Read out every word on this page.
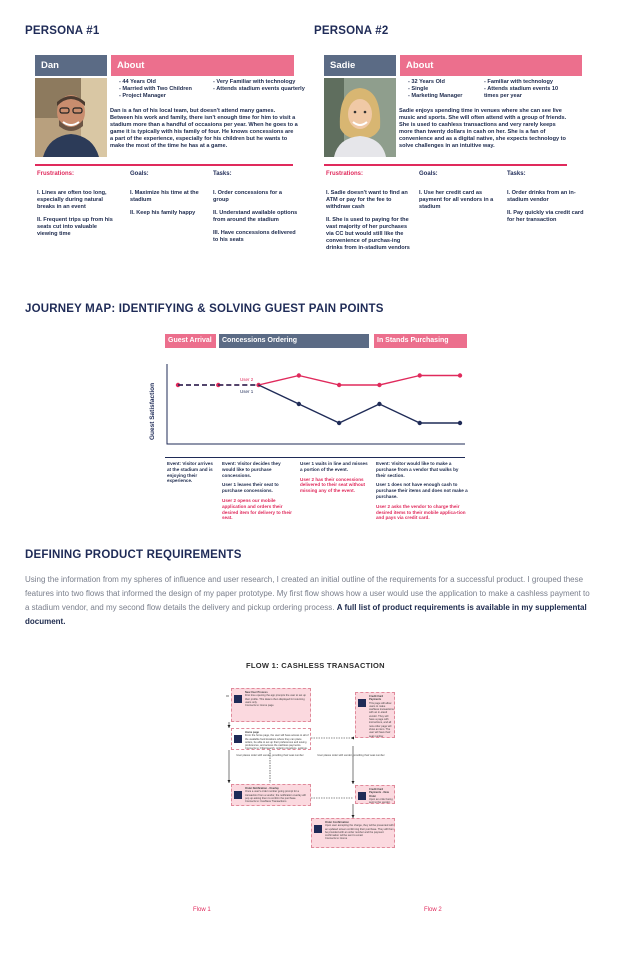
PERSONA #1
Dan	About
- 44 Years Old
- Married with Two Children
- Project Manager
- Very Familiar with technology
- Attends stadium events quarterly
Dan is a fan of his local team, but doesn't attend many games. Between his work and family, there isn't enough time for him to visit a stadium more than a handful of occasions per year. When he goes to a game it is typically with his family of four. He knows concessions are a part of the experience, especially for his children but he wants to make the most of the time he has at a game.
Frustrations:	Goals:	Tasks:

I. Lines are often too long, especially during natural breaks in an event
II. Frequent trips up from his seats cut into valuable viewing time

I. Maximize his time at the stadium
II. Keep his family happy

I. Order concessions for a group
II. Understand available options from around the stadium
III. Have concessions delivered to his seats

PERSONA #2
Sadie	About
- 32 Years Old
- Single
- Marketing Manager
- Familiar with technology
- Attends stadium events 10 times per year
Sadie enjoys spending time in venues where she can see live music and sports. She will often attend with a group of friends. She is used to cashless transactions and very rarely keeps more than twenty dollars in cash on her. She is a fan of convenience and as a digital native, she expects technology to solve challenges in an intuitive way.
Frustrations:	Goals:	Tasks:

I. Sadie doesn't want to find an ATM or pay for the fee to withdraw cash
II. She is used to paying for the vast majority of her purchases via CC but would still like the convenience of purchas-ing drinks from in-stadium vendors

I. Use her credit card as payment for all vendors in a stadium

I. Order drinks from an in-stadium vendor
II. Pay quickly via credit card for her transaction

JOURNEY MAP: IDENTIFYING & SOLVING GUEST PAIN POINTS
Guest Arrival	Concessions Ordering	In Stands Purchasing
Guest Satisfaction
User 2
User 1
Event: Visitor arrives at the stadium and is enjoying their experience.
Event: Visitor decides they would like to purchase concessions.
User 1 leaves their seat to purchase concessions.
User 2 opens our mobile application and orders their desired item for delivery to their seat.
User 1 waits in line and misses a portion of the event.
User 2 has their concessions delivered to their seat without missing any of the event.
Event: Visitor would like to make a purchase from a vendor that walks by their section.
User 1 does not have enough cash to purchase their items and does not make a purchase.
User 2 asks the vendor to charge their desired items to their mobile applica-tion and pays via credit card.
DEFINING PRODUCT REQUIREMENTS
Using the information from my spheres of influence and user research, I created an initial outline of the requirements for a successful product. I grouped these features into two flows that informed the design of my paper prototype. My first flow shows how a user would use the application to make a cashless payment to a stadium vendor, and my second flow details the delivery and pickup ordering process. A full list of product requirements is available in my supplemental document.
FLOW 1: CASHLESS TRANSACTION
New User Process
First time opening the app prompts the user to set up their profile. This data is then displayed for returning users only.
Connects to: Home page
Home page
From the home page, the user will have access to all of the available food locations where they can place orders, be able to set up their preferences and saving preferences, and access the cashless payments.
Connects to: Filter/search, ordering locations, settings,
Credit Card Payments
This page will allow users to make cashless transactions with an in-stand vendor. They will have a page with instructions, and all new order page will show an item. The user will have their seat number
Order Notification - Overlay
Once a user's order number going prompt for a transaction from a vendor, the notification overlay will pop up asking them to confirm the purchase.
Connects to: Cashless Transactions
Credit Card Payments - New Order
Upon an order being sent to the vendor,
Order Confirmation
Upon user accepting the charge, they will be presented with an updated screen confirming their purchase. They will then be provided with an order number and the payment confirmation will be sent to email.
Connects to: Home
User places order with vendor, providing their seat number	User places order with vendor, providing their seat number
Flow 1	Flow 2
